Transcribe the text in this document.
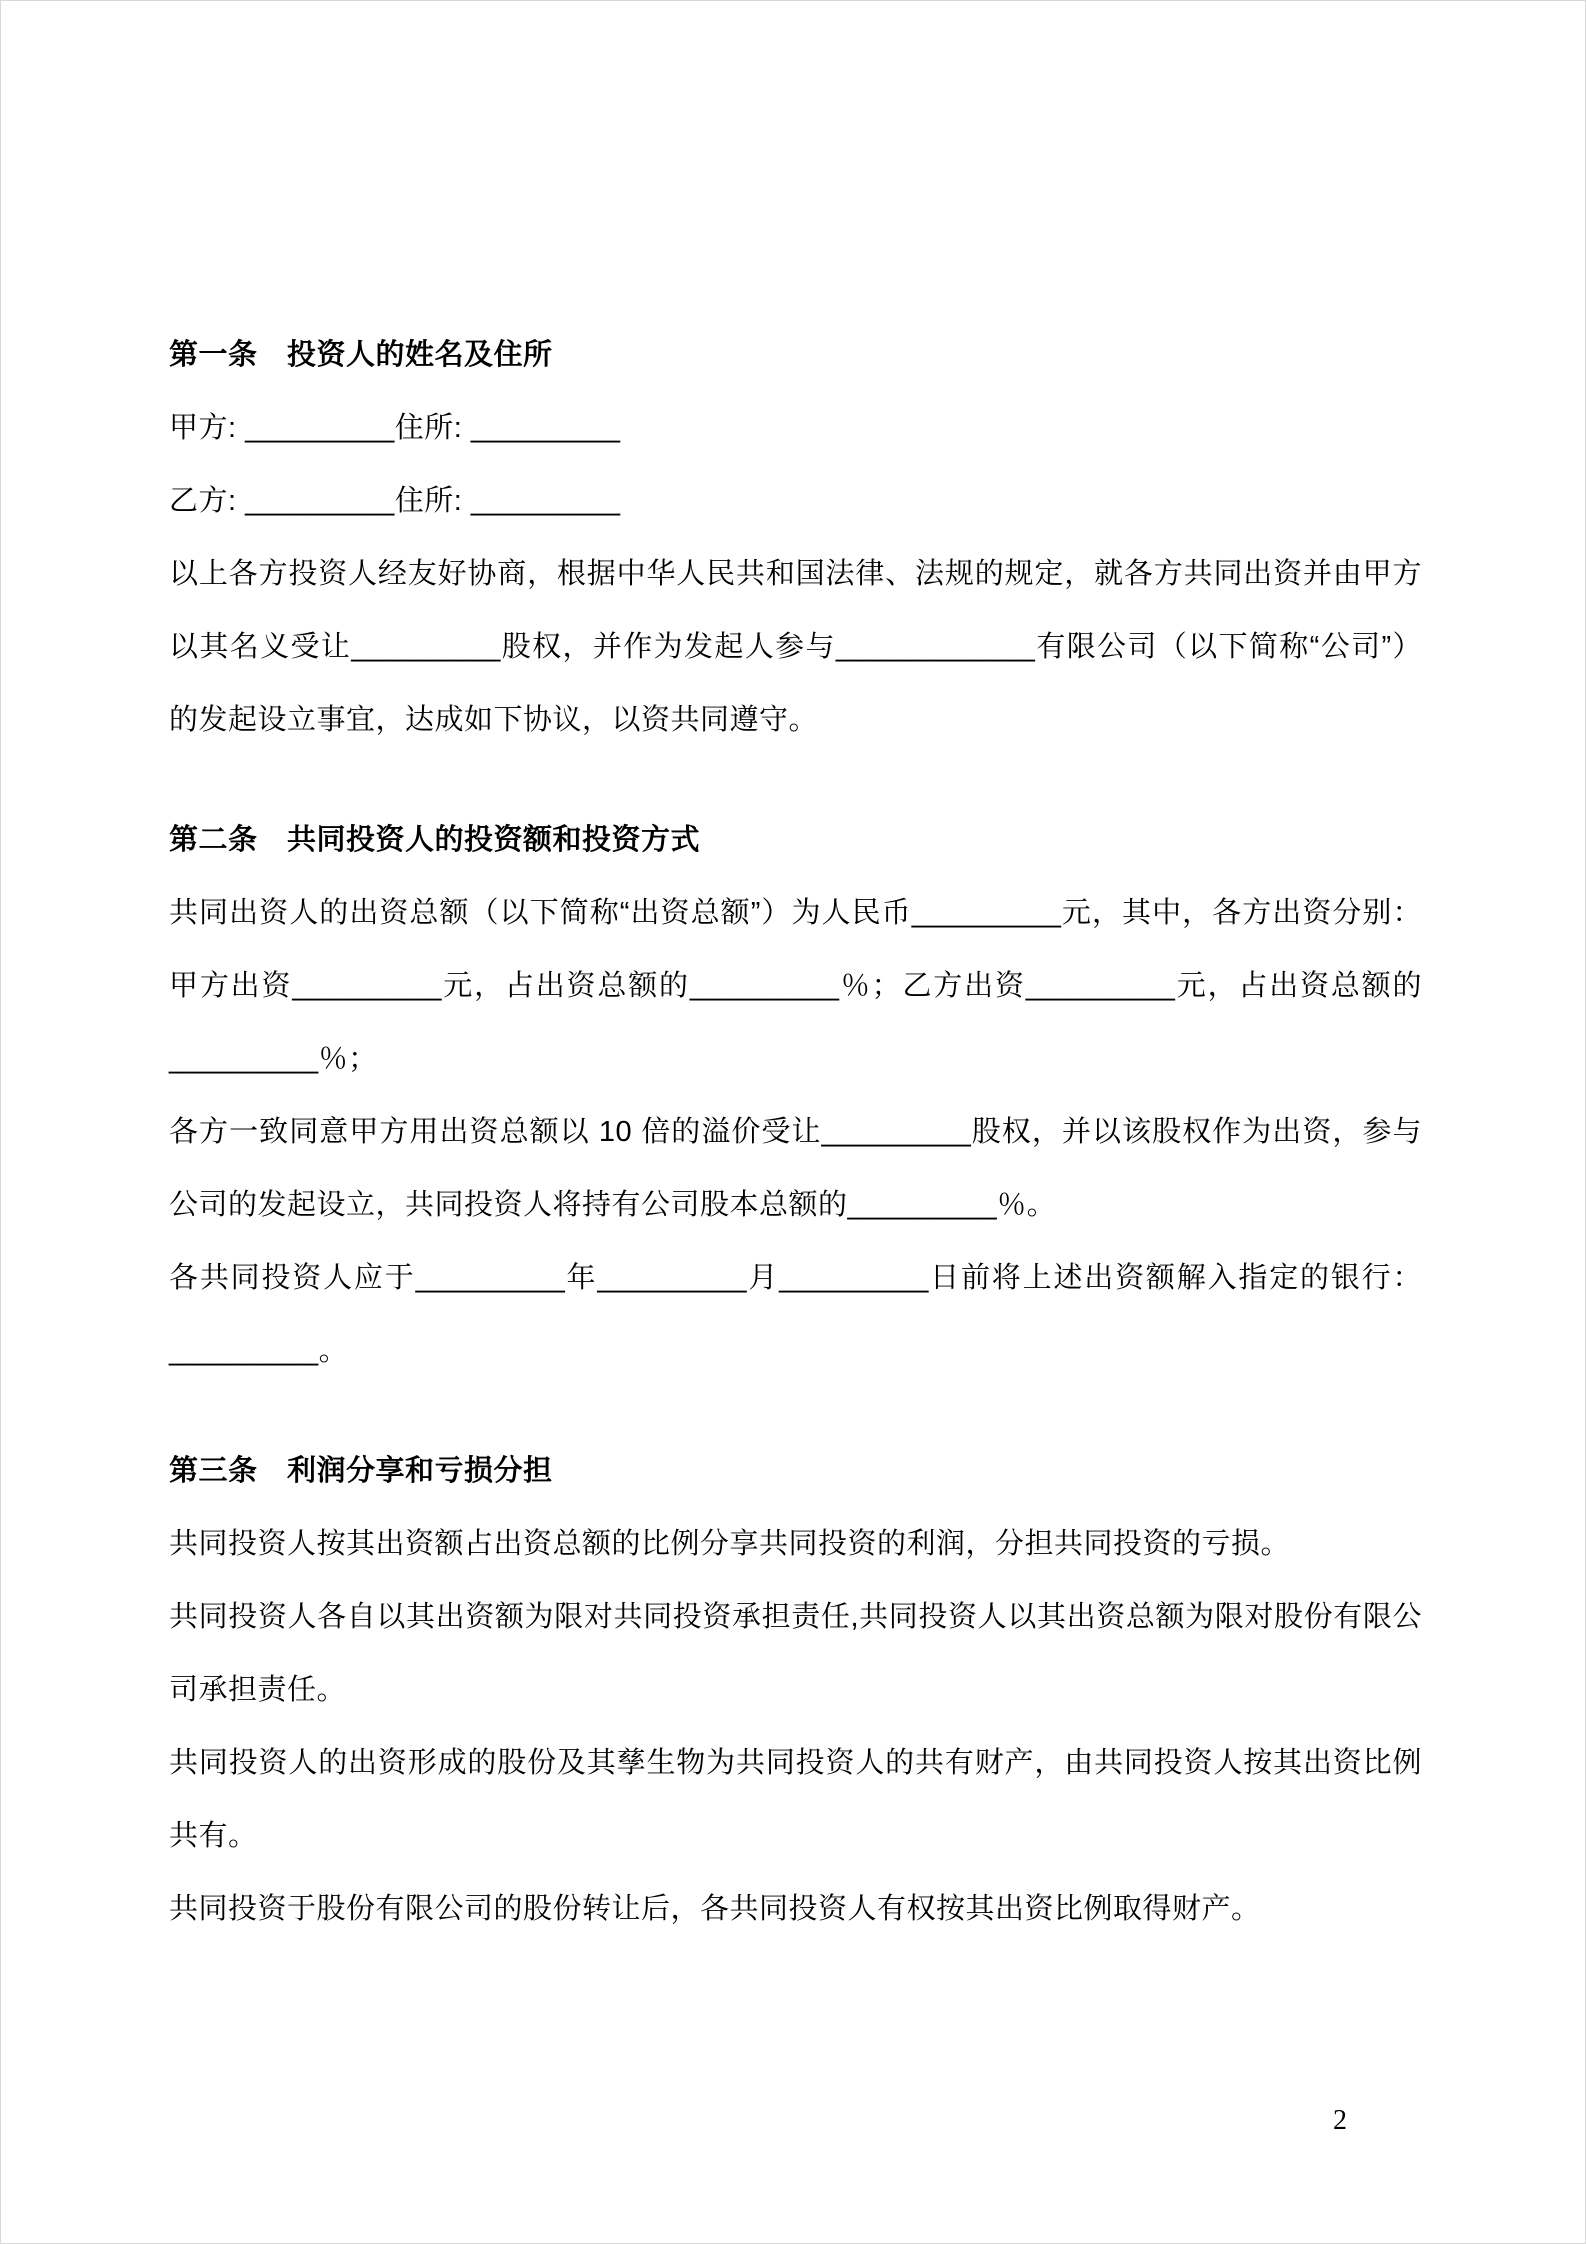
第一条　投资人的姓名及住所

甲方: _________住所: _________

乙方: _________住所: _________

以上各方投资人经友好协商，根据中华人民共和国法律、法规的规定，就各方共同出资并由甲方以其名义受让_________股权，并作为发起人参与____________有限公司（以下简称“公司”）的发起设立事宜，达成如下协议，以资共同遵守。

第二条　共同投资人的投资额和投资方式

共同出资人的出资总额（以下简称“出资总额”）为人民币_________元，其中，各方出资分别：甲方出资_________元，占出资总额的_________％；乙方出资_________元，占出资总额的_________％；

各方一致同意甲方用出资总额以 10 倍的溢价受让_________股权，并以该股权作为出资，参与公司的发起设立，共同投资人将持有公司股本总额的_________％。

各共同投资人应于_________年_________月_________日前将上述出资额解入指定的银行：_________。

第三条　利润分享和亏损分担

共同投资人按其出资额占出资总额的比例分享共同投资的利润，分担共同投资的亏损。

共同投资人各自以其出资额为限对共同投资承担责任,共同投资人以其出资总额为限对股份有限公司承担责任。

共同投资人的出资形成的股份及其孳生物为共同投资人的共有财产，由共同投资人按其出资比例共有。

共同投资于股份有限公司的股份转让后，各共同投资人有权按其出资比例取得财产。

2
